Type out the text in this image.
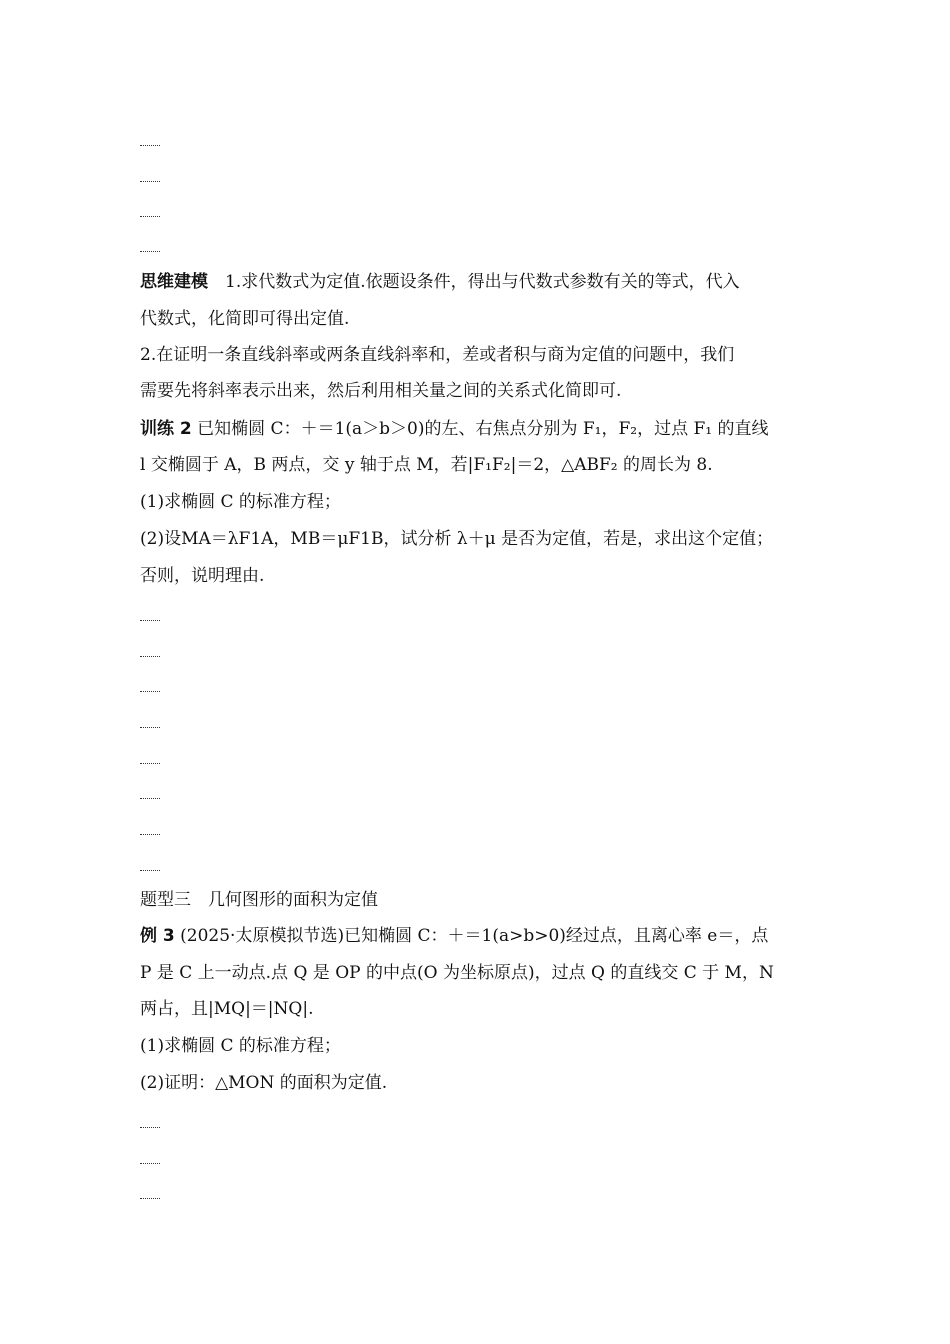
思维建模　 1.求代数式为定值.依题设条件，得出与代数式参数有关的等式，代入
代数式，化简即可得出定值.
2.在证明一条直线斜率或两条直线斜率和，差或者积与商为定值的问题中，我们
需要先将斜率表示出来，然后利用相关量之间的关系式化简即可.
训练 2 已知椭圆 C：＋＝1(a＞b＞0)的左、右焦点分别为 F₁，F₂，过点 F₁ 的直线
l 交椭圆于 A，B 两点，交 y 轴于点 M，若|F₁F₂|＝2，△ABF₂ 的周长为 8.
(1)求椭圆 C 的标准方程；
(2)设MA＝λF1A，MB＝μF1B，试分析 λ＋μ 是否为定值，若是，求出这个定值；
否则，说明理由.
题型三　几何图形的面积为定值
例 3 (2025·太原模拟节选)已知椭圆 C：＋＝1(a>b>0)经过点，且离心率 e＝，点
P 是 C 上一动点.点 Q 是 OP 的中点(O 为坐标原点)，过点 Q 的直线交 C 于 M，N
两占，且|MQ|＝|NQ|.
(1)求椭圆 C 的标准方程；
(2)证明：△MON 的面积为定值.
